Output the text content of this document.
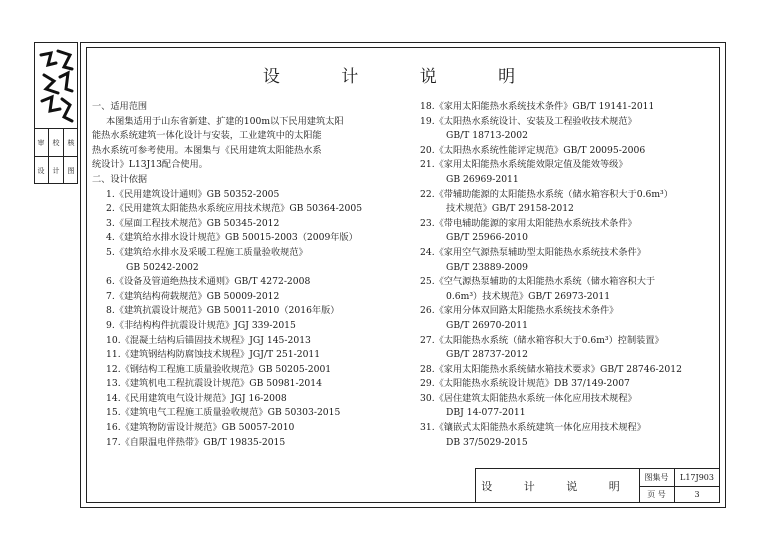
审	校	核
设	计	图
设 计 说 明
一、适用范围
本图集适用于山东省新建、扩建的100m以下民用建筑太阳
能热水系统建筑一体化设计与安装，工业建筑中的太阳能
热水系统可参考使用。本图集与《民用建筑太阳能热水系
统设计》L13J13配合使用。
二、设计依据
1.《民用建筑设计通则》GB 50352-2005
2.《民用建筑太阳能热水系统应用技术规范》GB 50364-2005
3.《屋面工程技术规范》GB 50345-2012
4.《建筑给水排水设计规范》GB 50015-2003（2009年版）
5.《建筑给水排水及采暖工程施工质量验收规范》
GB 50242-2002
6.《设备及管道绝热技术通则》GB/T 4272-2008
7.《建筑结构荷载规范》GB 50009-2012
8.《建筑抗震设计规范》GB 50011-2010（2016年版）
9.《非结构构件抗震设计规范》JGJ 339-2015
10.《混凝土结构后锚固技术规程》JGJ 145-2013
11.《建筑钢结构防腐蚀技术规程》JGJ/T 251-2011
12.《钢结构工程施工质量验收规范》GB 50205-2001
13.《建筑机电工程抗震设计规范》GB 50981-2014
14.《民用建筑电气设计规范》JGJ 16-2008
15.《建筑电气工程施工质量验收规范》GB 50303-2015
16.《建筑物防雷设计规范》GB 50057-2010
17.《自限温电伴热带》GB/T 19835-2015
18.《家用太阳能热水系统技术条件》GB/T 19141-2011
19.《太阳热水系统设计、安装及工程验收技术规范》
GB/T 18713-2002
20.《太阳热水系统性能评定规范》GB/T 20095-2006
21.《家用太阳能热水系统能效限定值及能效等级》
GB 26969-2011
22.《带辅助能源的太阳能热水系统（储水箱容积大于0.6m³）
技术规范》GB/T 29158-2012
23.《带电辅助能源的家用太阳能热水系统技术条件》
GB/T 25966-2010
24.《家用空气源热泵辅助型太阳能热水系统技术条件》
GB/T 23889-2009
25.《空气源热泵辅助的太阳能热水系统（储水箱容积大于
0.6m³）技术规范》GB/T 26973-2011
26.《家用分体双回路太阳能热水系统技术条件》
GB/T 26970-2011
27.《太阳能热水系统（储水箱容积大于0.6m³）控制装置》
GB/T 28737-2012
28.《家用太阳能热水系统储水箱技术要求》GB/T 28746-2012
29.《太阳能热水系统设计规范》DB 37/149-2007
30.《居住建筑太阳能热水系统一体化应用技术规程》
DBJ 14-077-2011
31.《镶嵌式太阳能热水系统建筑一体化应用技术规程》
DB 37/5029-2015
设 计 说 明
图集号	L17J903
页 号	3
